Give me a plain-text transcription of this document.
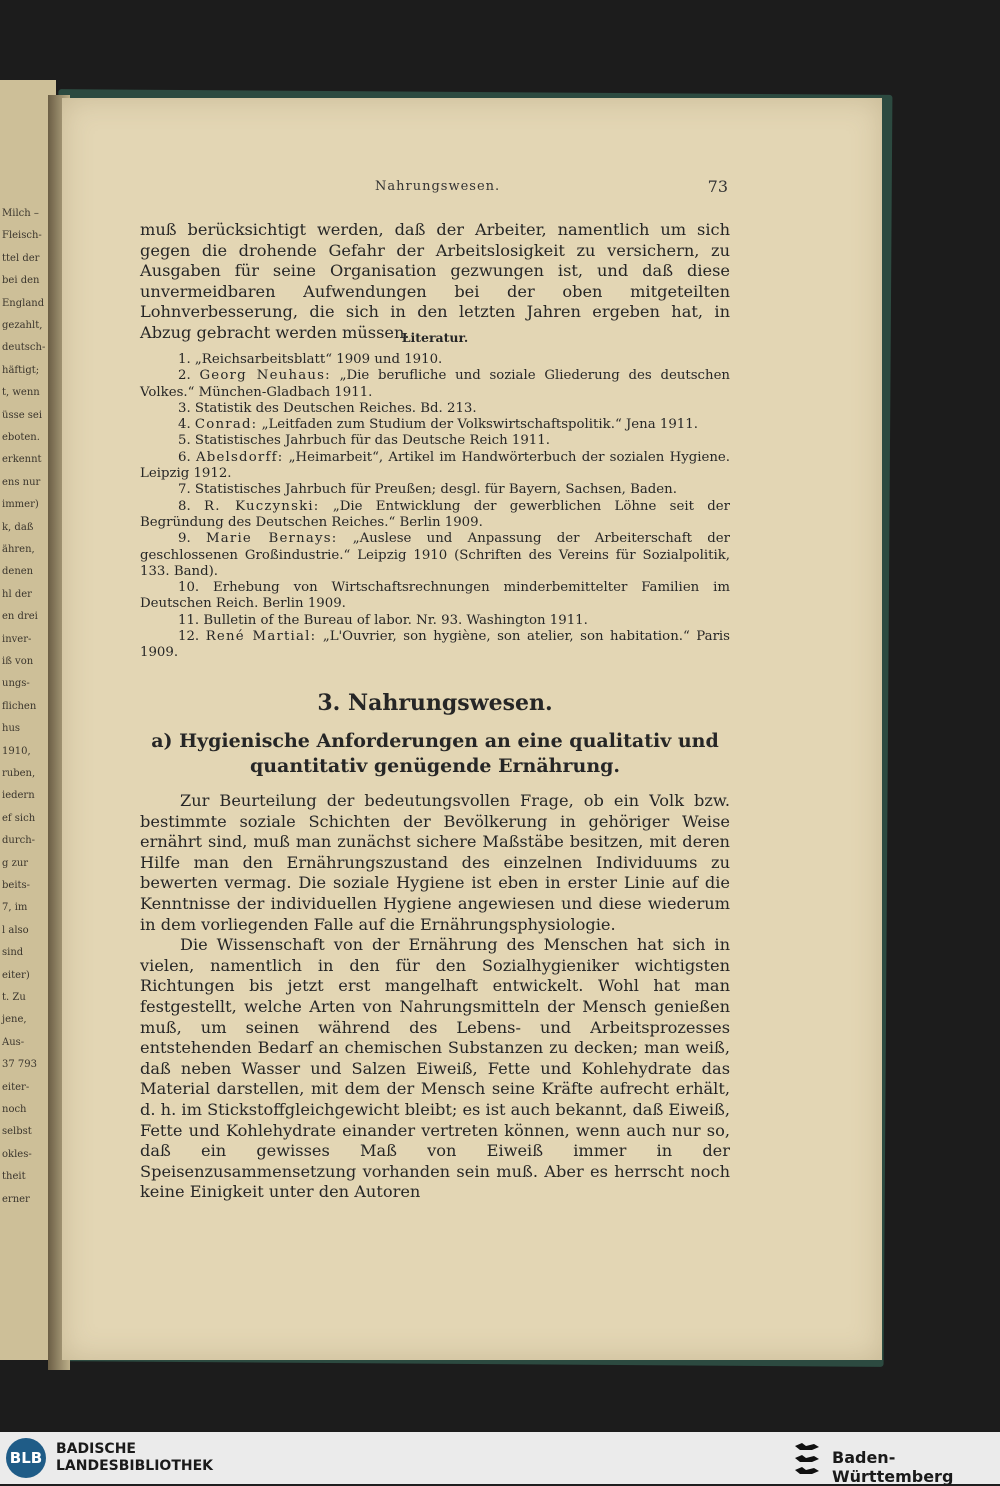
Milch –
Fleisch-
ttel der
bei den
England
gezahlt,
deutsch-
häftigt;
t, wenn
üsse sei
eboten.
erkennt
ens nur
immer)
k, daß
ähren,
denen
hl der
en drei
inver-
iß von
ungs-
flichen
hus
1910,
ruben,
iedern
ef sich
durch-
g zur
beits-
7, im
l also
sind
eiter)
t. Zu
jene,
Aus-
37 793
eiter-
noch
selbst
okles-
theit
erner
Nahrungswesen.	73

muß berücksichtigt werden, daß der Arbeiter, namentlich um sich gegen die drohende Gefahr der Arbeitslosigkeit zu versichern, zu Ausgaben für seine Organisation gezwungen ist, und daß diese unvermeidbaren Aufwendungen bei der oben mitgeteilten Lohnverbesserung, die sich in den letzten Jahren ergeben hat, in Abzug gebracht werden müssen.

Literatur.
1. „Reichsarbeitsblatt“ 1909 und 1910.
2. Georg Neuhaus: „Die berufliche und soziale Gliederung des deutschen Volkes.“ München-Gladbach 1911.
3. Statistik des Deutschen Reiches. Bd. 213.
4. Conrad: „Leitfaden zum Studium der Volkswirtschaftspolitik.“ Jena 1911.
5. Statistisches Jahrbuch für das Deutsche Reich 1911.
6. Abelsdorff: „Heimarbeit“, Artikel im Handwörterbuch der sozialen Hygiene. Leipzig 1912.
7. Statistisches Jahrbuch für Preußen; desgl. für Bayern, Sachsen, Baden.
8. R. Kuczynski: „Die Entwicklung der gewerblichen Löhne seit der Begründung des Deutschen Reiches.“ Berlin 1909.
9. Marie Bernays: „Auslese und Anpassung der Arbeiterschaft der geschlossenen Großindustrie.“ Leipzig 1910 (Schriften des Vereins für Sozialpolitik, 133. Band).
10. Erhebung von Wirtschaftsrechnungen minderbemittelter Familien im Deutschen Reich. Berlin 1909.
11. Bulletin of the Bureau of labor. Nr. 93. Washington 1911.
12. René Martial: „L'Ouvrier, son hygiène, son atelier, son habitation.“ Paris 1909.
3. Nahrungswesen.
a) Hygienische Anforderungen an eine qualitativ und
quantitativ genügende Ernährung.

Zur Beurteilung der bedeutungsvollen Frage, ob ein Volk bzw. bestimmte soziale Schichten der Bevölkerung in gehöriger Weise ernährt sind, muß man zunächst sichere Maßstäbe besitzen, mit deren Hilfe man den Ernährungszustand des einzelnen Individuums zu bewerten vermag. Die soziale Hygiene ist eben in erster Linie auf die Kenntnisse der individuellen Hygiene angewiesen und diese wiederum in dem vorliegenden Falle auf die Ernährungsphysiologie.

Die Wissenschaft von der Ernährung des Menschen hat sich in vielen, namentlich in den für den Sozialhygieniker wichtigsten Richtungen bis jetzt erst mangelhaft entwickelt. Wohl hat man festgestellt, welche Arten von Nahrungsmitteln der Mensch genießen muß, um seinen während des Lebens- und Arbeitsprozesses entstehenden Bedarf an chemischen Substanzen zu decken; man weiß, daß neben Wasser und Salzen Eiweiß, Fette und Kohlehydrate das Material darstellen, mit dem der Mensch seine Kräfte aufrecht erhält, d. h. im Stickstoffgleichgewicht bleibt; es ist auch bekannt, daß Eiweiß, Fette und Kohlehydrate einander vertreten können, wenn auch nur so, daß ein gewisses Maß von Eiweiß immer in der Speisenzusammensetzung vorhanden sein muß. Aber es herrscht noch keine Einigkeit unter den Autoren

BLB BADISCHE
LANDESBIBLIOTHEK	Baden-Württemberg
